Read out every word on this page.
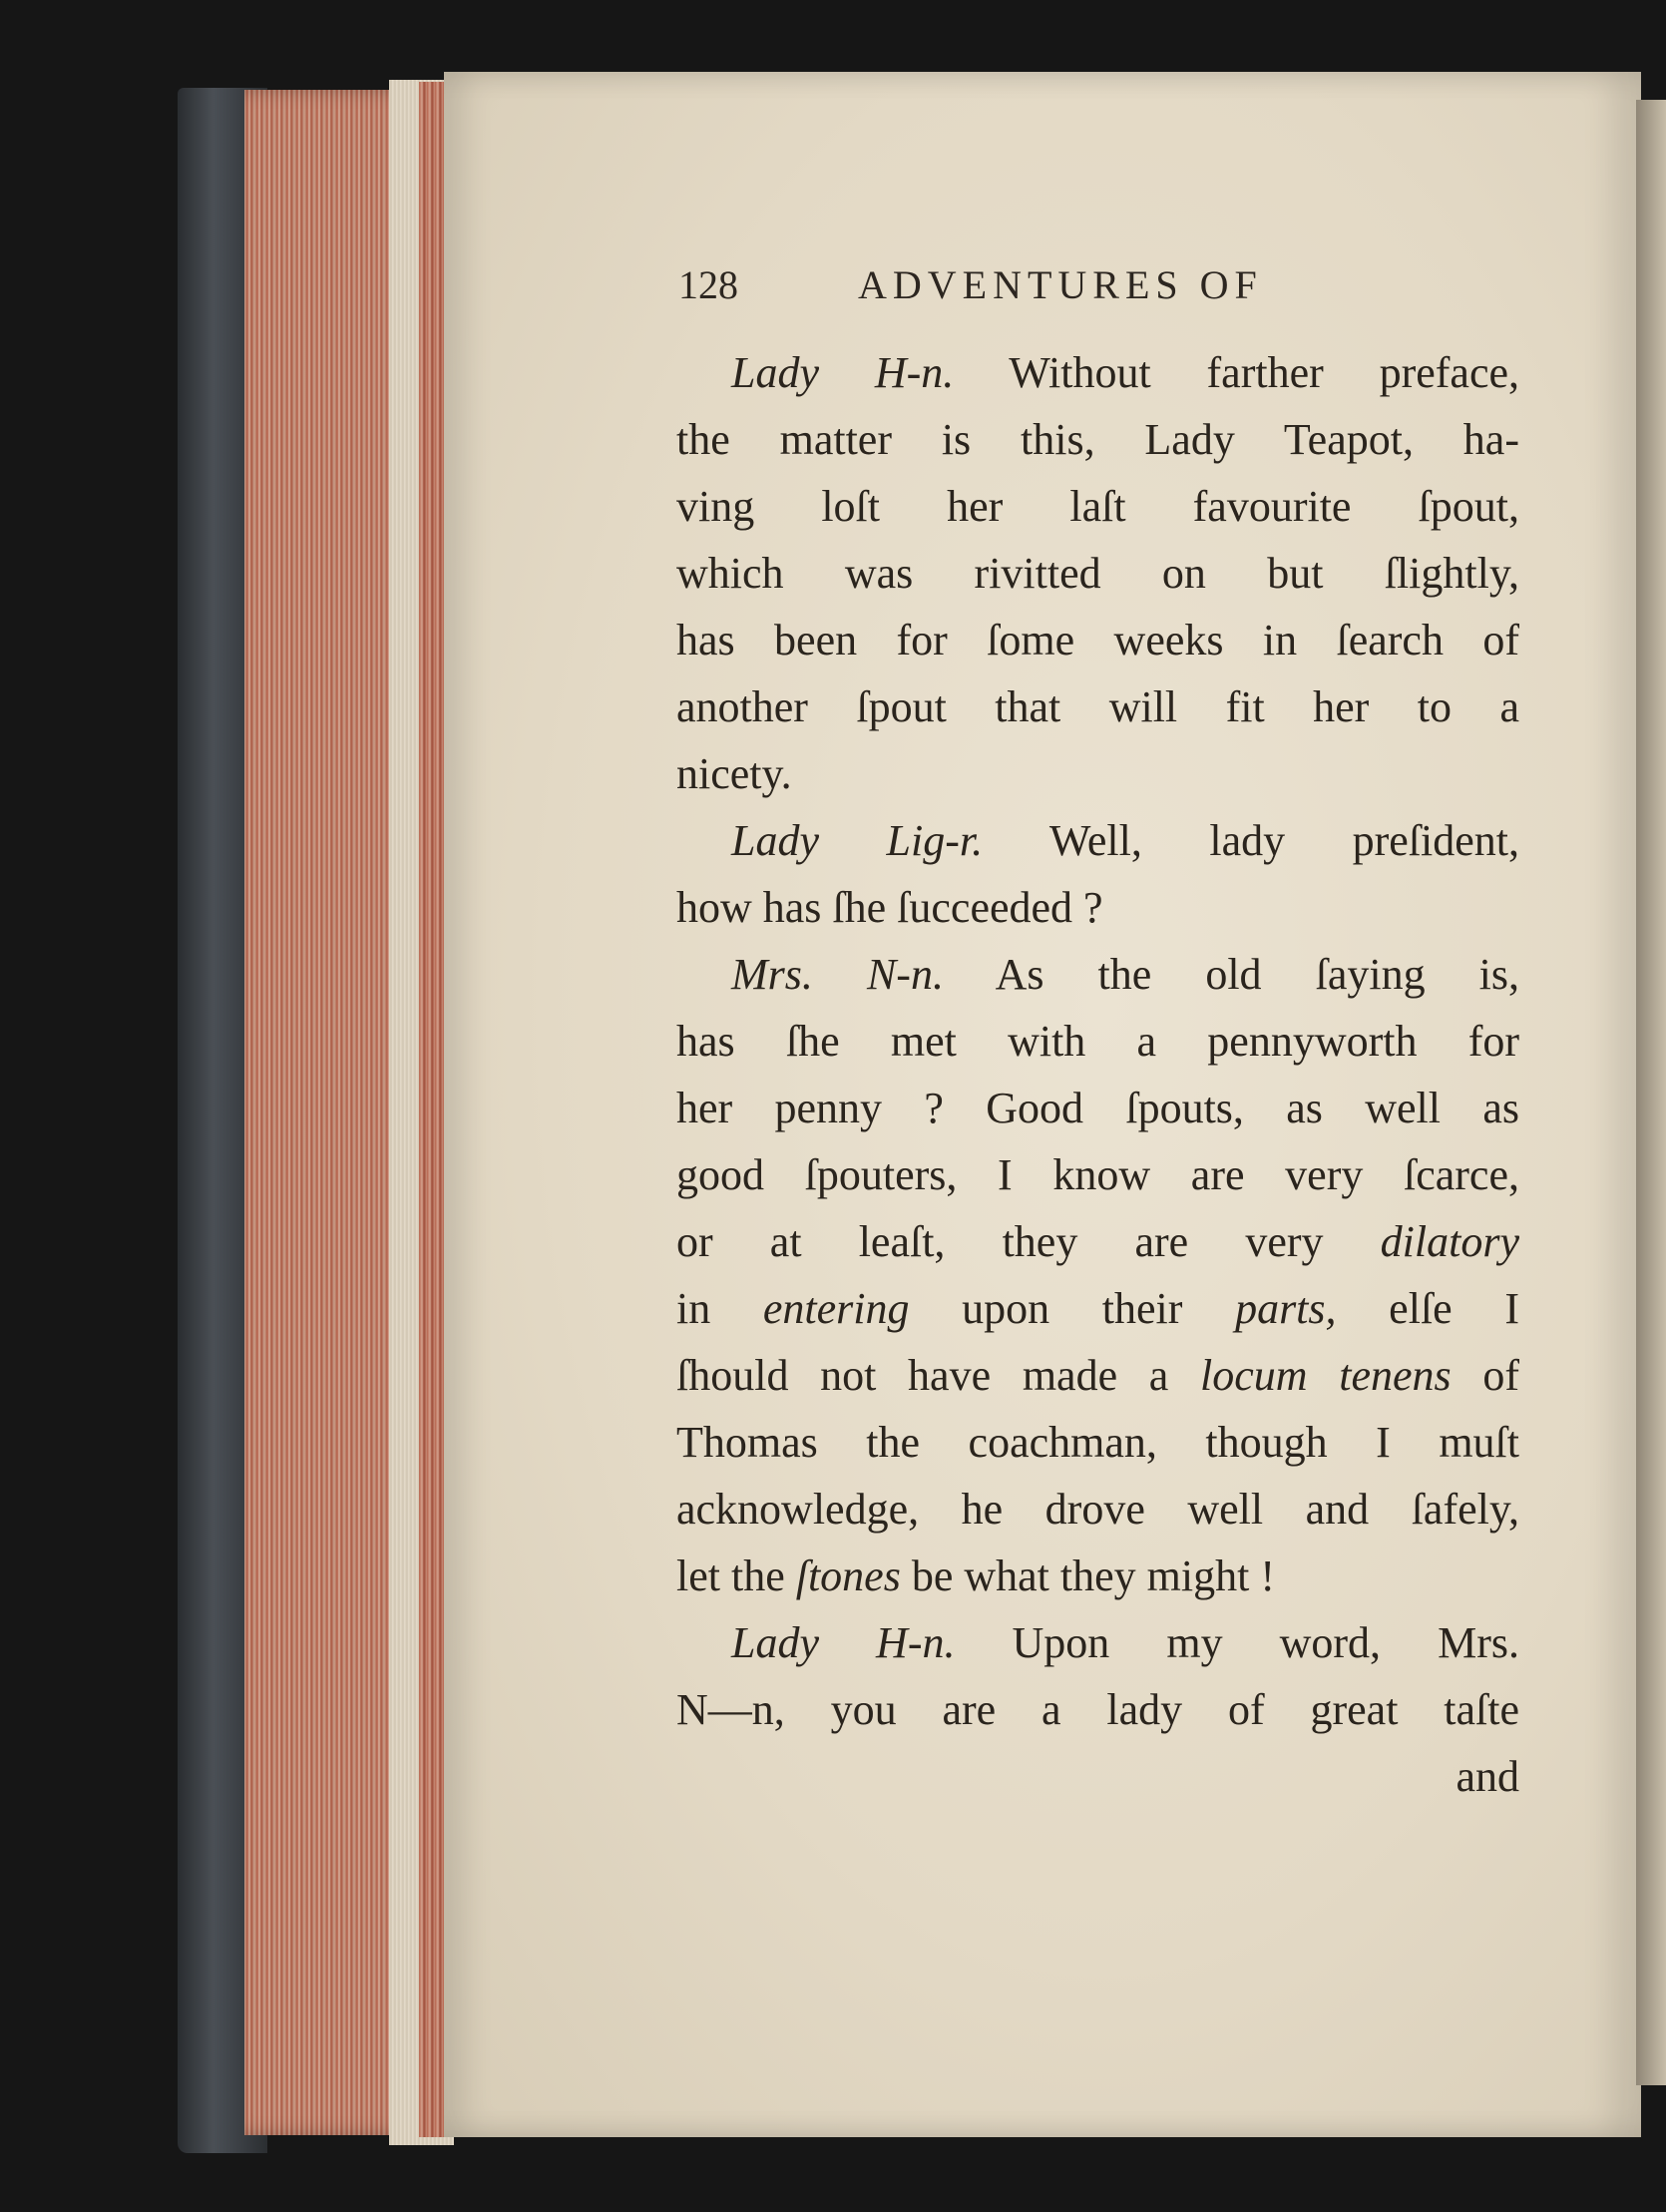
128	ADVENTURES OF
Lady H-n. Without farther preface,
the matter is this, Lady Teapot, ha-
ving loſt her laſt favourite ſpout,
which was rivitted on but ſlightly,
has been for ſome weeks in ſearch of
another ſpout that will fit her to a
nicety.
Lady Lig-r. Well, lady preſident,
how has ſhe ſucceeded ?
Mrs. N-n. As the old ſaying is,
has ſhe met with a pennyworth for
her penny ? Good ſpouts, as well as
good ſpouters, I know are very ſcarce,
or at leaſt, they are very dilatory
in entering upon their parts, elſe I
ſhould not have made a locum tenens of
Thomas the coachman, though I muſt
acknowledge, he drove well and ſafely,
let the ſtones be what they might !
Lady H-n. Upon my word, Mrs.
N—n, you are a lady of great taſte
and
